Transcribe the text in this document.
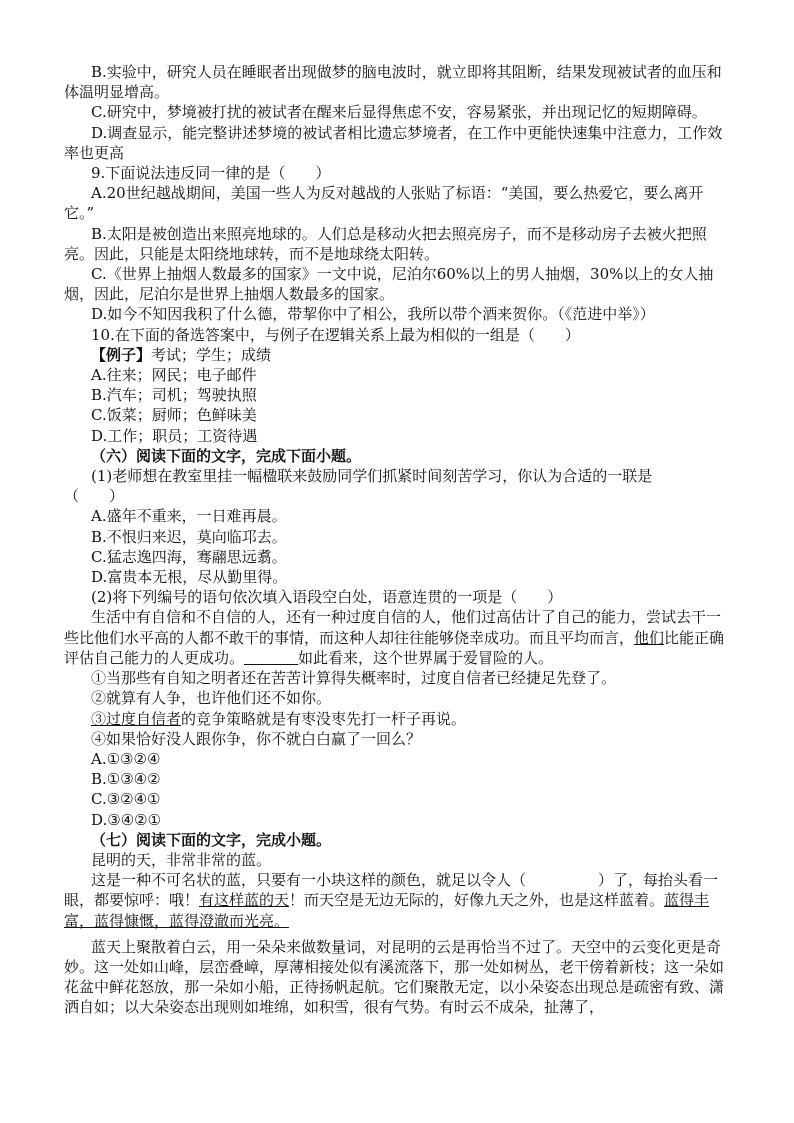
B.实验中，研究人员在睡眠者出现做梦的脑电波时，就立即将其阻断，结果发现被试者的血压和体温明显增高。

C.研究中，梦境被打扰的被试者在醒来后显得焦虑不安，容易紧张，并出现记忆的短期障碍。

D.调查显示，能完整讲述梦境的被试者相比遗忘梦境者，在工作中更能快速集中注意力，工作效率也更高

9.下面说法违反同一律的是（ ）

A.20世纪越战期间，美国一些人为反对越战的人张贴了标语：“美国，要么热爱它，要么离开它。”

B.太阳是被创造出来照亮地球的。人们总是移动火把去照亮房子，而不是移动房子去被火把照亮。因此，只能是太阳绕地球转，而不是地球绕太阳转。

C.《世界上抽烟人数最多的国家》一文中说，尼泊尔60%以上的男人抽烟，30%以上的女人抽烟，因此，尼泊尔是世界上抽烟人数最多的国家。

D.如今不知因我积了什么德，带挈你中了相公，我所以带个酒来贺你。（《范进中举》）

10.在下面的备选答案中，与例子在逻辑关系上最为相似的一组是（ ）

【例子】考试；学生；成绩

A.往来；网民；电子邮件

B.汽车；司机；驾驶执照

C.饭菜；厨师；色鲜味美

D.工作；职员；工资待遇

（六）阅读下面的文字，完成下面小题。

(1)老师想在教室里挂一幅楹联来鼓励同学们抓紧时间刻苦学习，你认为合适的一联是

（ ）

A.盛年不重来，一日难再晨。

B.不恨归来迟，莫向临邛去。

C.猛志逸四海，骞翮思远翥。

D.富贵本无根，尽从勤里得。

(2)将下列编号的语句依次填入语段空白处，语意连贯的一项是（ ）

生活中有自信和不自信的人，还有一种过度自信的人，他们过高估计了自己的能力，尝试去干一些比他们水平高的人都不敢干的事情，而这种人却往往能够侥幸成功。而且平均而言，他们比能正确评估自己能力的人更成功。	如此看来，这个世界属于爱冒险的人。

①当那些有自知之明者还在苦苦计算得失概率时，过度自信者已经捷足先登了。

②就算有人争，也许他们还不如你。

③过度自信者的竞争策略就是有枣没枣先打一杆子再说。

④如果恰好没人跟你争，你不就白白赢了一回么？

A.①③②④

B.①③④②

C.③②④①

D.③④②①

（七）阅读下面的文字，完成小题。

昆明的天，非常非常的蓝。

这是一种不可名状的蓝，只要有一小块这样的颜色，就足以令人（	）了，每抬头看一眼，都要惊呼：哦！有这样蓝的天！而天空是无边无际的，好像九天之外，也是这样蓝着。蓝得丰富，蓝得慷慨，蓝得澄澈而光亮。

蓝天上聚散着白云，用一朵朵来做数量词，对昆明的云是再恰当不过了。天空中的云变化更是奇妙。这一处如山峰，层峦叠嶂，厚薄相接处似有溪流落下，那一处如树丛，老干傍着新枝；这一朵如花盆中鲜花怒放，那一朵如小船，正待扬帆起航。它们聚散无定，以小朵姿态出现总是疏密有致、潇洒自如；以大朵姿态出现则如堆绵，如积雪，很有气势。有时云不成朵，扯薄了，
